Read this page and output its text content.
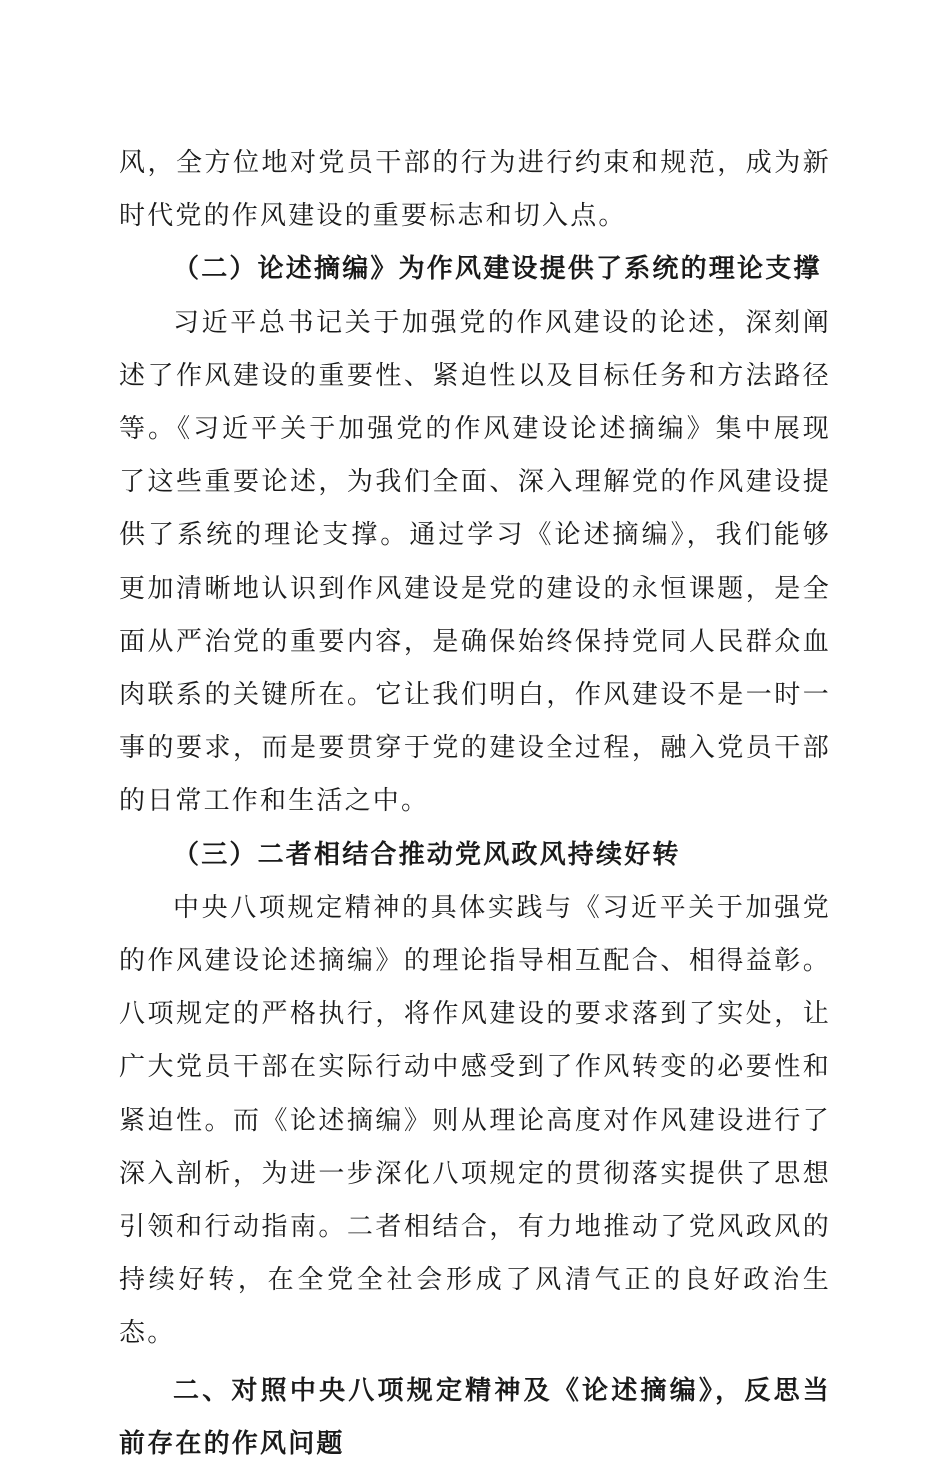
风，全方位地对党员干部的行为进行约束和规范，成为新时代党的作风建设的重要标志和切入点。

（二）论述摘编》为作风建设提供了系统的理论支撑

习近平总书记关于加强党的作风建设的论述，深刻阐述了作风建设的重要性、紧迫性以及目标任务和方法路径等。《习近平关于加强党的作风建设论述摘编》集中展现了这些重要论述，为我们全面、深入理解党的作风建设提供了系统的理论支撑。通过学习《论述摘编》，我们能够更加清晰地认识到作风建设是党的建设的永恒课题，是全面从严治党的重要内容，是确保始终保持党同人民群众血肉联系的关键所在。它让我们明白，作风建设不是一时一事的要求，而是要贯穿于党的建设全过程，融入党员干部的日常工作和生活之中。

（三）二者相结合推动党风政风持续好转

中央八项规定精神的具体实践与《习近平关于加强党的作风建设论述摘编》的理论指导相互配合、相得益彰。八项规定的严格执行，将作风建设的要求落到了实处，让广大党员干部在实际行动中感受到了作风转变的必要性和紧迫性。而《论述摘编》则从理论高度对作风建设进行了深入剖析，为进一步深化八项规定的贯彻落实提供了思想引领和行动指南。二者相结合，有力地推动了党风政风的持续好转，在全党全社会形成了风清气正的良好政治生态。

二、对照中央八项规定精神及《论述摘编》，反思当前存在的作风问题
